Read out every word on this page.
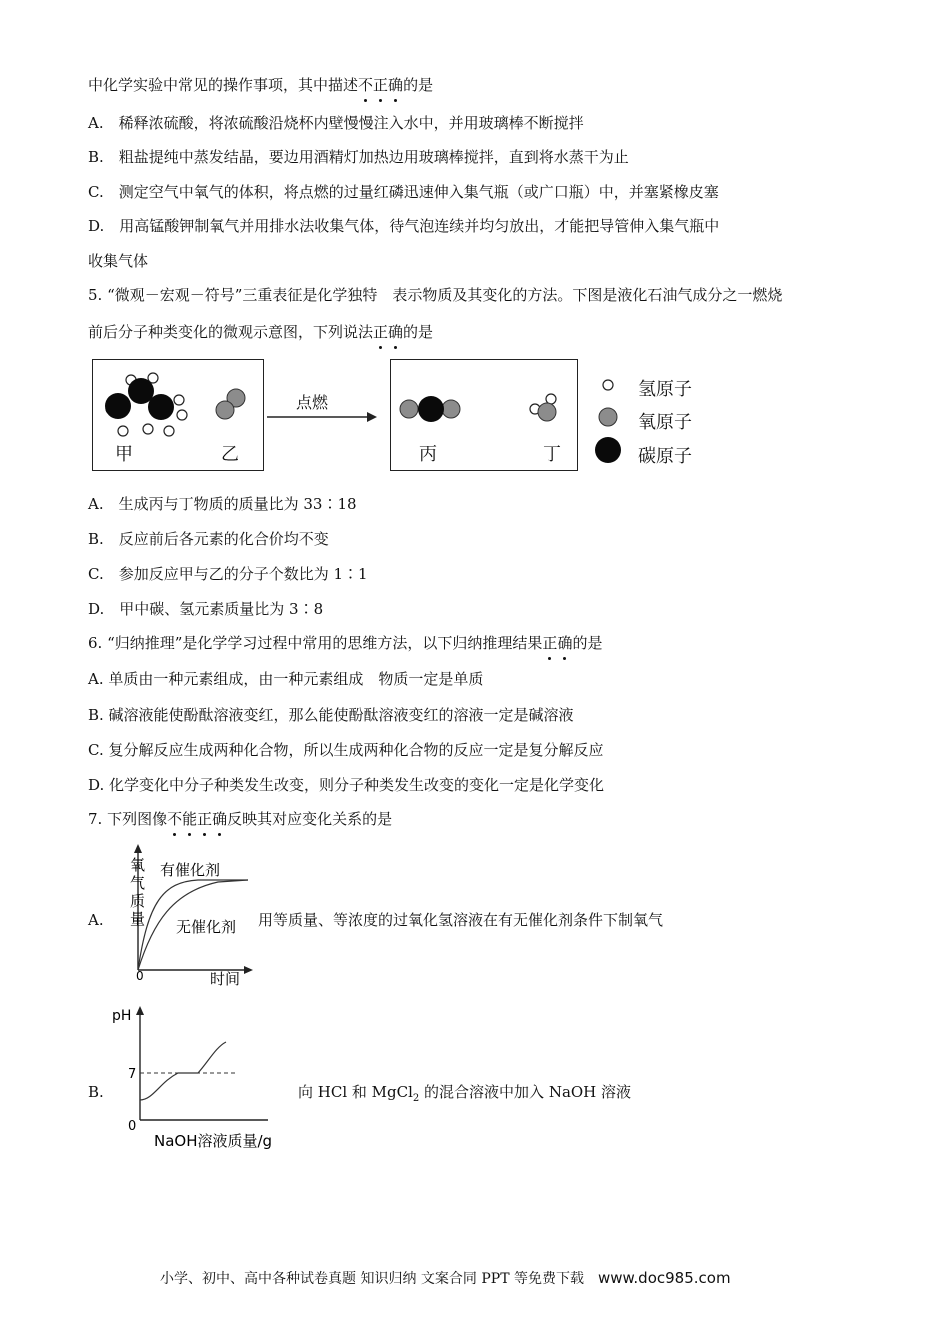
中化学实验中常见的操作事项，其中描述不正确的是
A.　稀释浓硫酸，将浓硫酸沿烧杯内壁慢慢注入水中，并用玻璃棒不断搅拌
B.　粗盐提纯中蒸发结晶，要边用酒精灯加热边用玻璃棒搅拌，直到将水蒸干为止
C.　测定空气中氧气的体积，将点燃的过量红磷迅速伸入集气瓶（或广口瓶）中，并塞紧橡皮塞
D.　用高锰酸钾制氧气并用排水法收集气体，待气泡连续并均匀放出，才能把导管伸入集气瓶中
收集气体
5. “微观－宏观－符号”三重表征是化学独特　表示物质及其变化的方法。下图是液化石油气成分之一燃烧
前后分子种类变化的微观示意图，下列说法正确的是
甲	乙
点燃
丙	丁
氢原子
氧原子
碳原子
A.　生成丙与丁物质的质量比为 33∶18
B.　反应前后各元素的化合价均不变
C.　参加反应甲与乙的分子个数比为 1∶1
D.　甲中碳、氢元素质量比为 3∶8
6. “归纳推理”是化学学习过程中常用的思维方法，以下归纳推理结果正确的是
A. 单质由一种元素组成，由一种元素组成　物质一定是单质
B. 碱溶液能使酚酞溶液变红，那么能使酚酞溶液变红的溶液一定是碱溶液
C. 复分解反应生成两种化合物，所以生成两种化合物的反应一定是复分解反应
D. 化学变化中分子种类发生改变，则分子种类发生改变的变化一定是化学变化
7. 下列图像不能正确反映其对应变化关系的是
A.
氧
气
质
量
0
有催化剂
无催化剂
时间
用等质量、等浓度的过氧化氢溶液在有无催化剂条件下制氧气
B.
pH
7
0
NaOH溶液质量/g
向 HCl 和 MgCl$_2$ 的混合溶液中加入 NaOH 溶液
小学、初中、高中各种试卷真题 知识归纳 文案合同 PPT 等免费下载 www.doc985.com
